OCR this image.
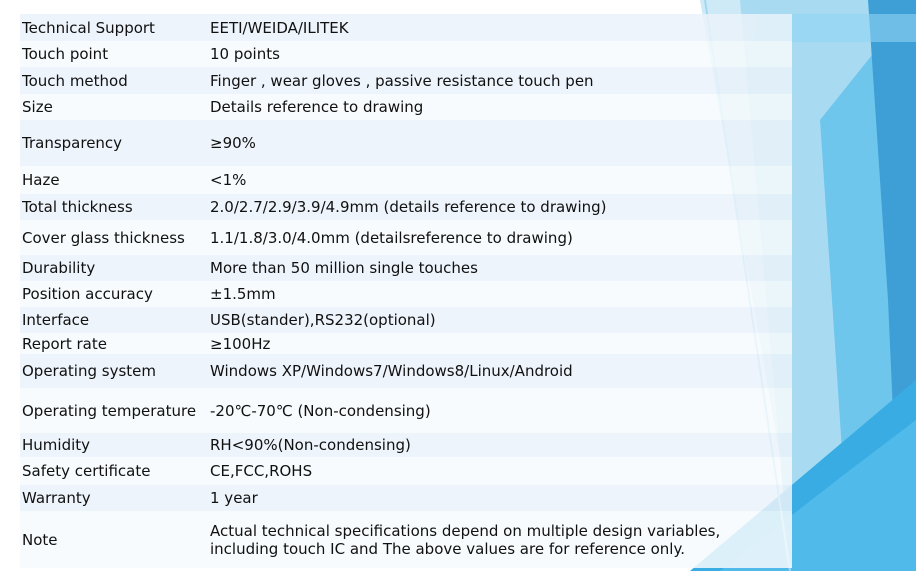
Technical Support	EETI/WEIDA/ILITEK
Touch point	10 points
Touch method	Finger , wear gloves , passive resistance touch pen
Size	Details reference to drawing
Transparency	≥90%
Haze	<1%
Total thickness	2.0/2.7/2.9/3.9/4.9mm (details reference to drawing)
Cover glass thickness	1.1/1.8/3.0/4.0mm (detailsreference to drawing)
Durability	More than 50 million single touches
Position accuracy	±1.5mm
Interface	USB(stander),RS232(optional)
Report rate	≥100Hz
Operating system	Windows XP/Windows7/Windows8/Linux/Android
Operating temperature	-20℃-70℃ (Non-condensing)
Humidity	RH<90%(Non-condensing)
Safety certificate	CE,FCC,ROHS
Warranty	1 year
Note	Actual technical specifications depend on multiple design variables, including touch IC and The above values are for reference only.
